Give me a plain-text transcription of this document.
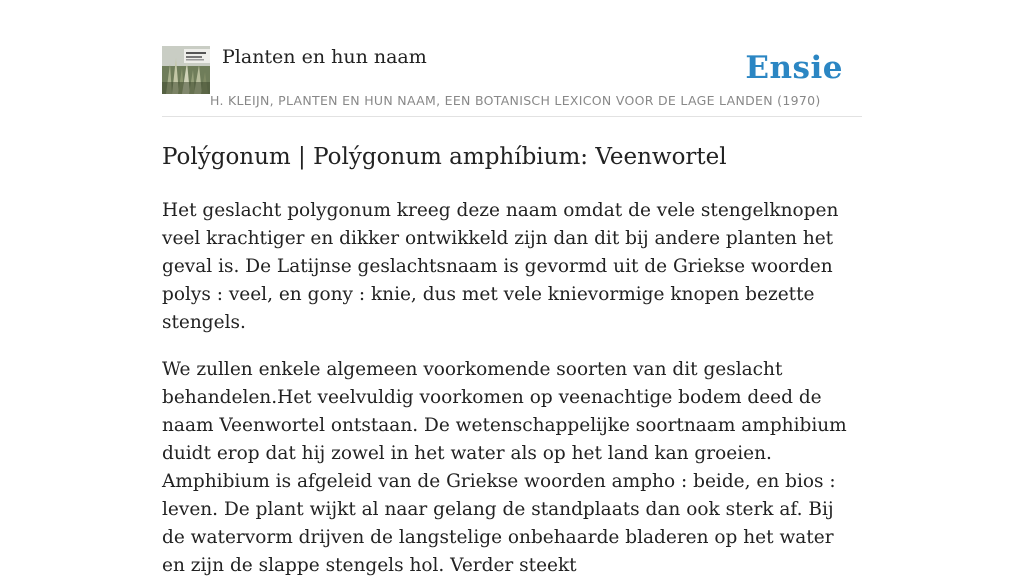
Planten en hun naam	Ensie
H. KLEIJN, PLANTEN EN HUN NAAM, EEN BOTANISCH LEXICON VOOR DE LAGE LANDEN (1970)
Polýgonum | Polýgonum amphíbium: Veenwortel

Het geslacht polygonum kreeg deze naam omdat de vele stengelknopen veel krachtiger en dikker ontwikkeld zijn dan dit bij andere planten het geval is. De Latijnse geslachtsnaam is gevormd uit de Griekse woorden polys : veel, en gony : knie, dus met vele knievormige knopen bezette stengels.

We zullen enkele algemeen voorkomende soorten van dit geslacht behandelen.Het veelvuldig voorkomen op veenachtige bodem deed de naam Veenwortel ontstaan. De wetenschappelijke soortnaam amphibium duidt erop dat hij zowel in het water als op het land kan groeien. Amphibium is afgeleid van de Griekse woorden ampho : beide, en bios : leven. De plant wijkt al naar gelang de standplaats dan ook sterk af. Bij de watervorm drijven de langstelige onbehaarde bladeren op het water en zijn de slappe stengels hol. Verder steekt
